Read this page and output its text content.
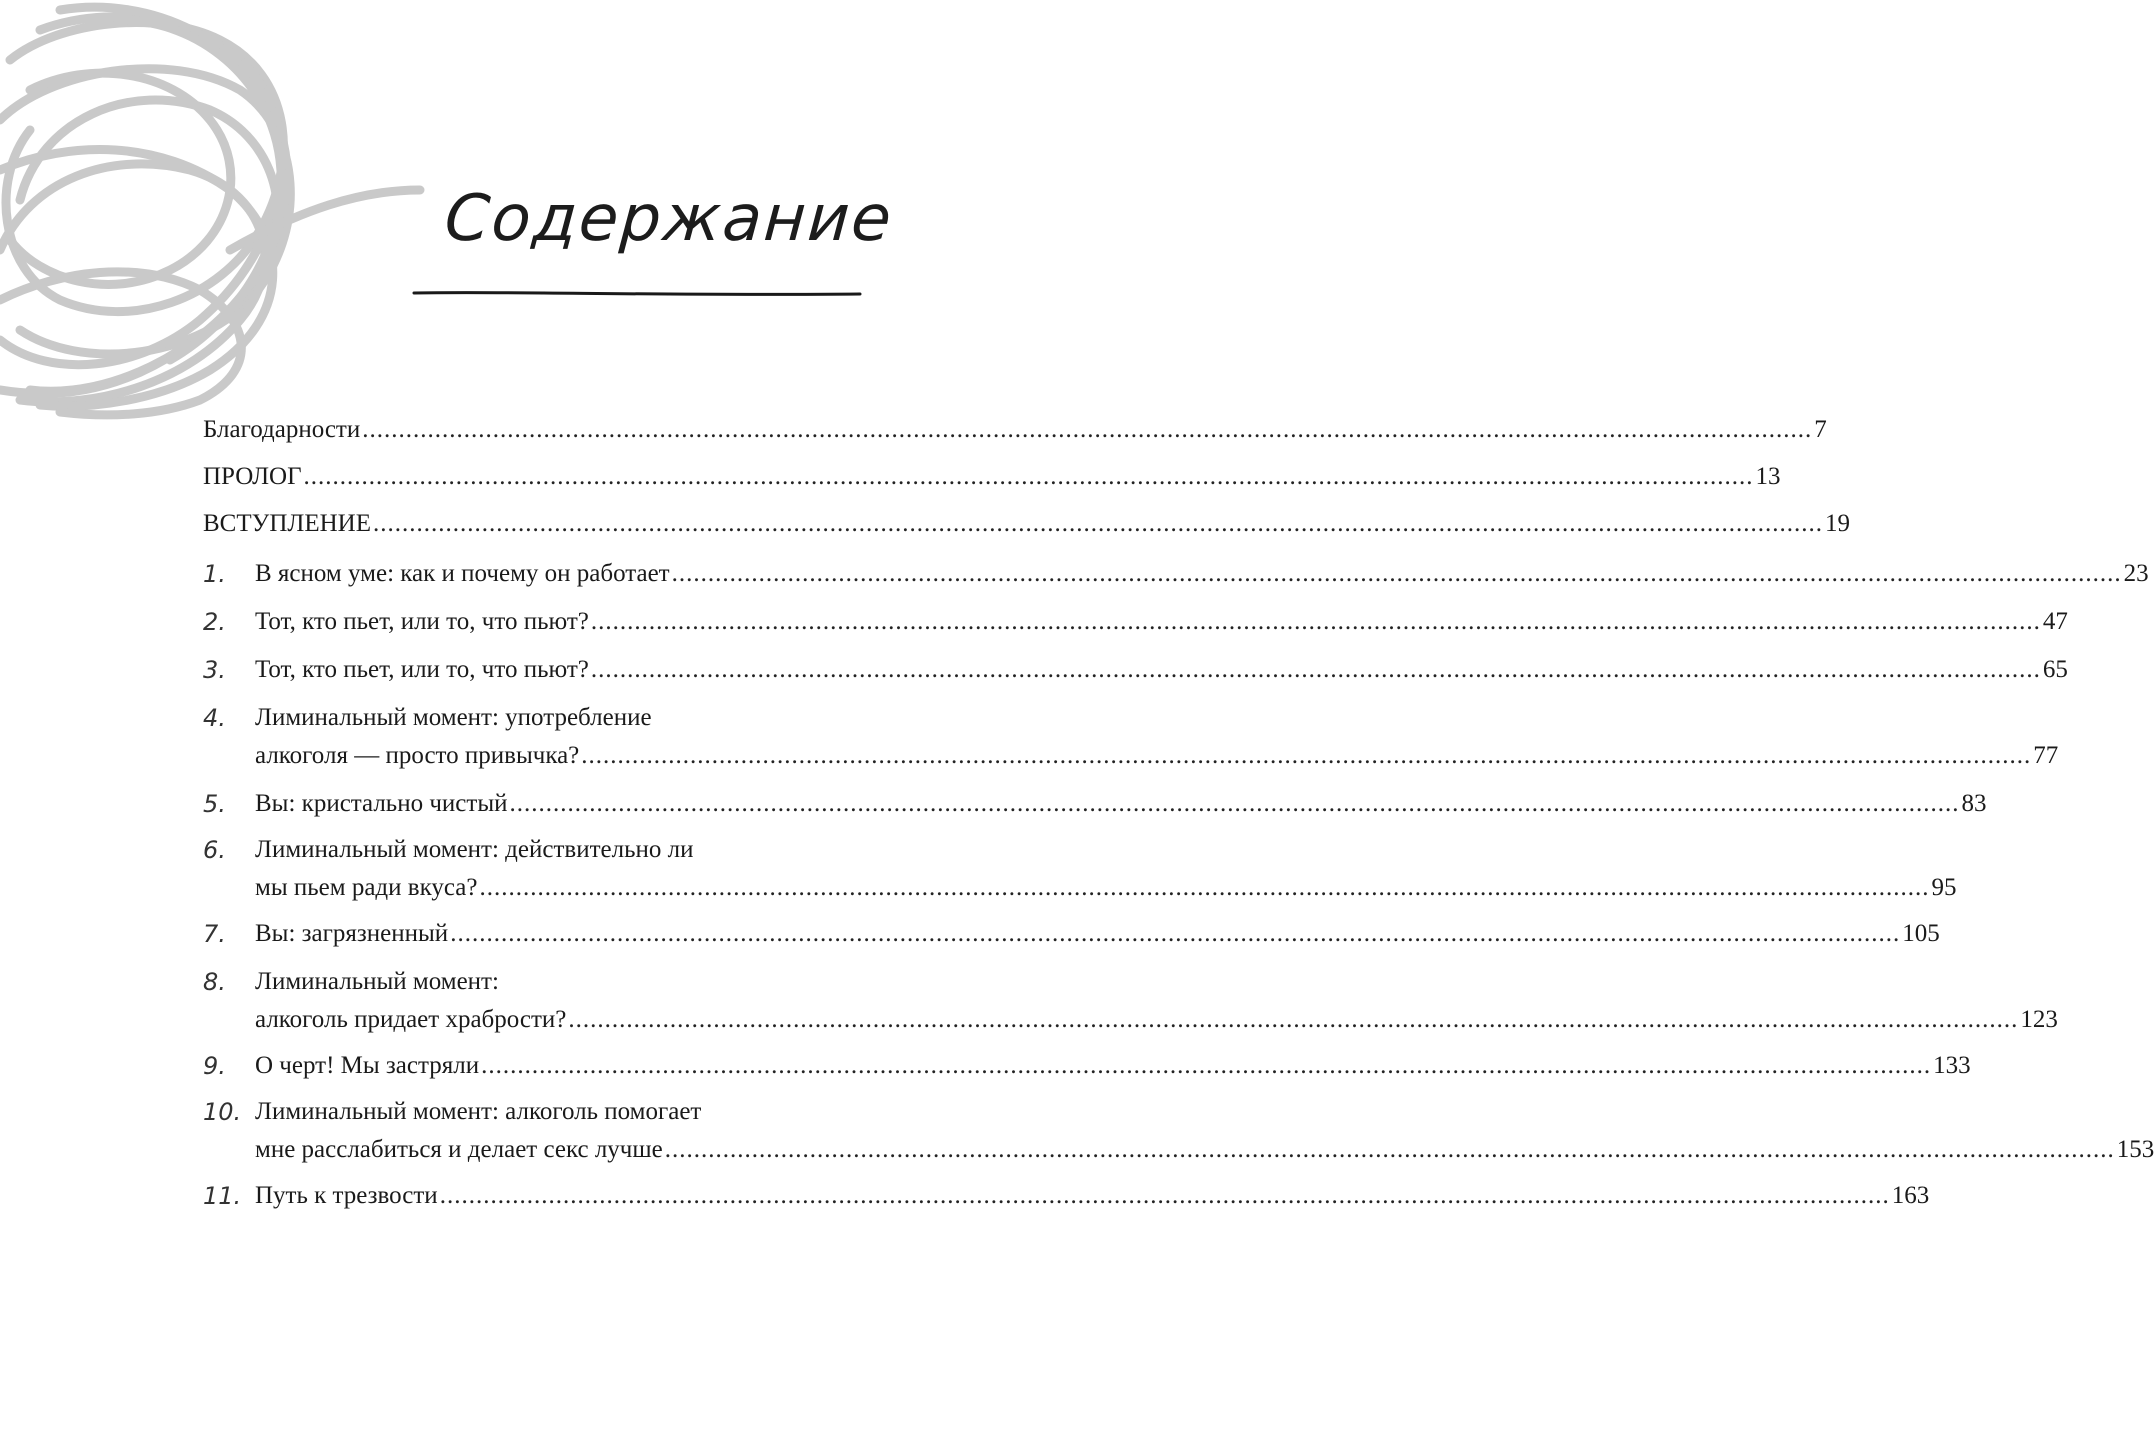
Содержание
Благодарности ........................................................................................................................................................................................................ 7
ПРОЛОГ ........................................................................................................................................................................................................ 13
ВСТУПЛЕНИЕ ........................................................................................................................................................................................................ 19
1.	В ясном уме: как и почему он работает ........................................................................................................................................................................................................ 23
2.	Тот, кто пьет, или то, что пьют? ........................................................................................................................................................................................................ 47
3.	Тот, кто пьет, или то, что пьют? ........................................................................................................................................................................................................ 65
4.	Лиминальный момент: употребление
алкоголя — просто привычка? ........................................................................................................................................................................................................ 77
5.	Вы: кристально чистый ........................................................................................................................................................................................................ 83
6.	Лиминальный момент: действительно ли
мы пьем ради вкуса? ........................................................................................................................................................................................................ 95
7.	Вы: загрязненный ........................................................................................................................................................................................................ 105
8.	Лиминальный момент:
алкоголь придает храбрости? ........................................................................................................................................................................................................ 123
9.	О черт! Мы застряли ........................................................................................................................................................................................................ 133
10. Лиминальный момент: алкоголь помогает
мне расслабиться и делает секс лучше ........................................................................................................................................................................................................ 153
11. Путь к трезвости ........................................................................................................................................................................................................ 163
